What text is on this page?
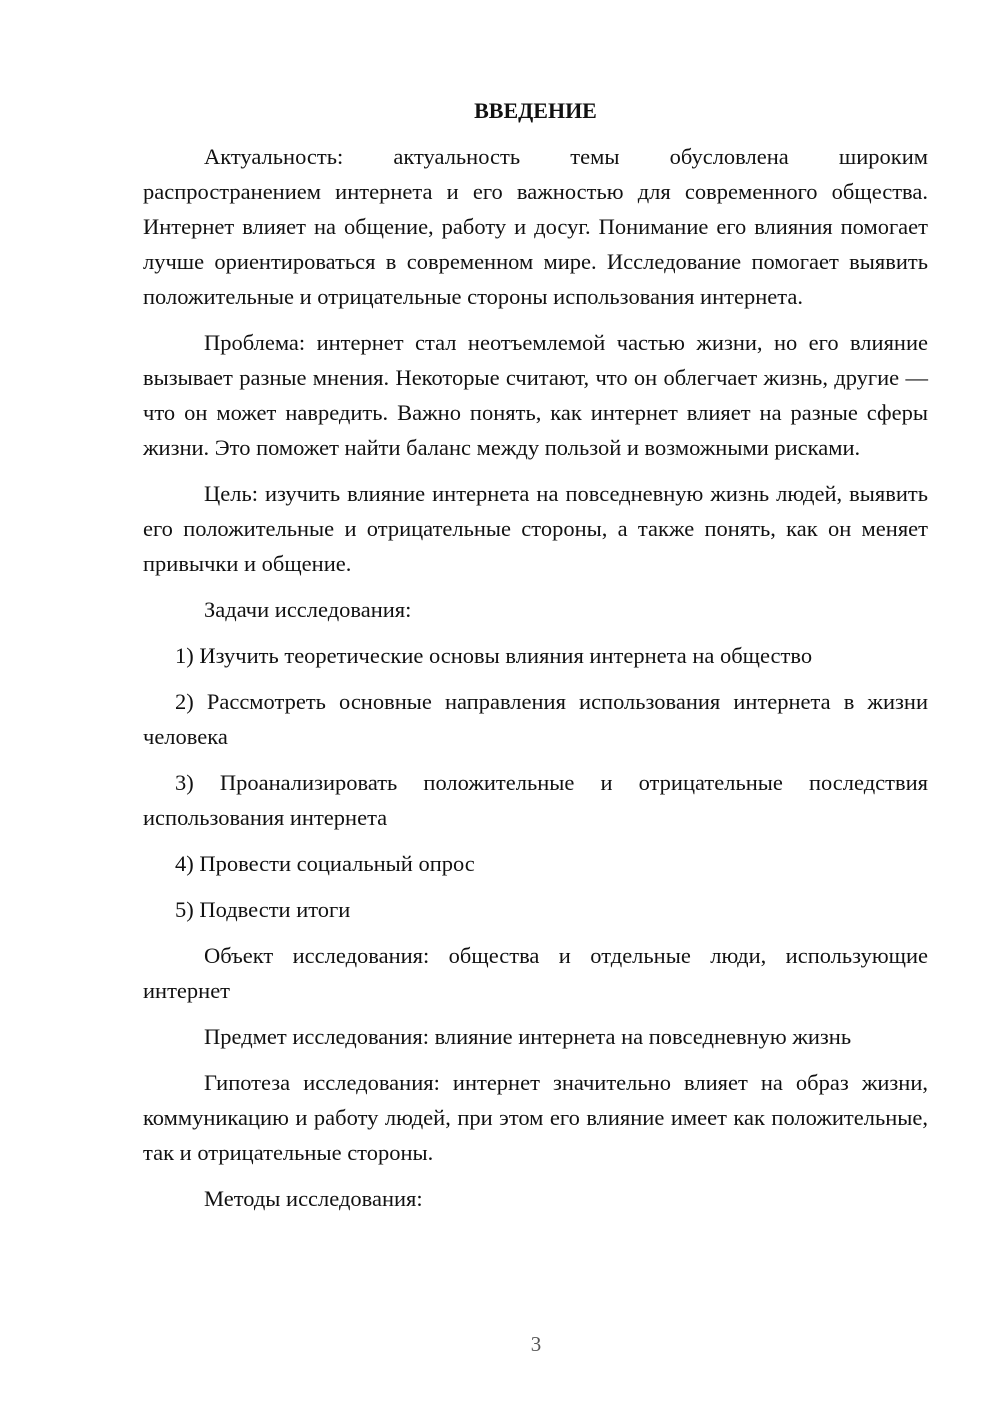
ВВЕДЕНИЕ

Актуальность: актуальность темы обусловлена широким распространением интернета и его важностью для современного общества. Интернет влияет на общение, работу и досуг. Понимание его влияния помогает лучше ориентироваться в современном мире. Исследование помогает выявить положительные и отрицательные стороны использования интернета.

Проблема: интернет стал неотъемлемой частью жизни, но его влияние вызывает разные мнения. Некоторые считают, что он облегчает жизнь, другие — что он может навредить. Важно понять, как интернет влияет на разные сферы жизни. Это поможет найти баланс между пользой и возможными рисками.

Цель: изучить влияние интернета на повседневную жизнь людей, выявить его положительные и отрицательные стороны, а также понять, как он меняет привычки и общение.

Задачи исследования:

1) Изучить теоретические основы влияния интернета на общество

2) Рассмотреть основные направления использования интернета в жизни человека

3) Проанализировать положительные и отрицательные последствия использования интернета

4) Провести социальный опрос

5) Подвести итоги

Объект исследования: общества и отдельные люди, использующие интернет

Предмет исследования: влияние интернета на повседневную жизнь

Гипотеза исследования: интернет значительно влияет на образ жизни, коммуникацию и работу людей, при этом его влияние имеет как положительные, так и отрицательные стороны.

Методы исследования:

3
